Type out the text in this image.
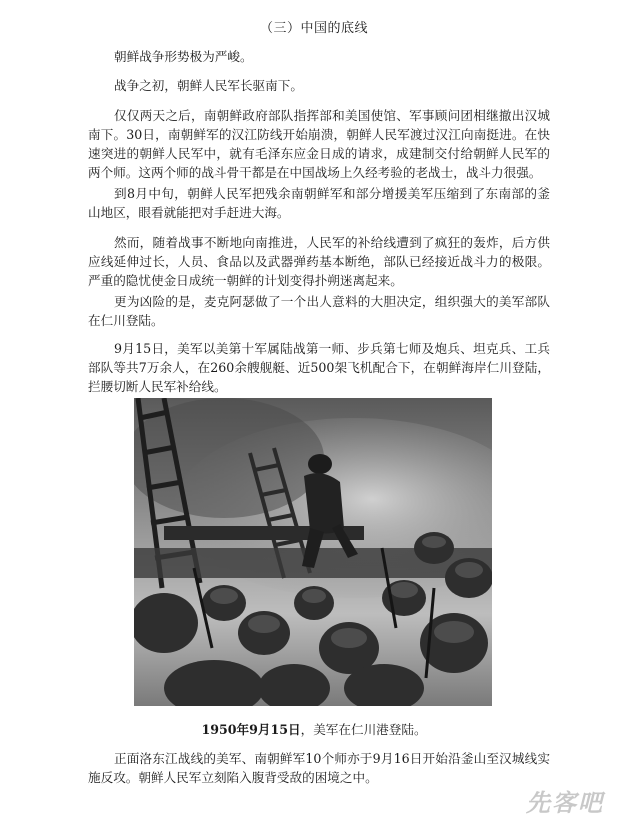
（三）中国的底线

朝鲜战争形势极为严峻。

战争之初，朝鲜人民军长驱南下。

仅仅两天之后，南朝鲜政府部队指挥部和美国使馆、军事顾问团相继撤出汉城南下。30日，南朝鲜军的汉江防线开始崩溃，朝鲜人民军渡过汉江向南挺进。在快速突进的朝鲜人民军中，就有毛泽东应金日成的请求，成建制交付给朝鲜人民军的两个师。这两个师的战斗骨干都是在中国战场上久经考验的老战士，战斗力很强。

到8月中旬，朝鲜人民军把残余南朝鲜军和部分增援美军压缩到了东南部的釜山地区，眼看就能把对手赶进大海。

然而，随着战事不断地向南推进，人民军的补给线遭到了疯狂的轰炸，后方供应线延伸过长，人员、食品以及武器弹药基本断绝，部队已经接近战斗力的极限。严重的隐忧使金日成统一朝鲜的计划变得扑朔迷离起来。

更为凶险的是，麦克阿瑟做了一个出人意料的大胆决定，组织强大的美军部队在仁川登陆。

9月15日，美军以美第十军属陆战第一师、步兵第七师及炮兵、坦克兵、工兵部队等共7万余人，在260余艘舰艇、近500架飞机配合下，在朝鲜海岸仁川登陆，拦腰切断人民军补给线。

1950年9月15日，美军在仁川港登陆。

正面洛东江战线的美军、南朝鲜军10个师亦于9月16日开始沿釜山至汉城线实施反攻。朝鲜人民军立刻陷入腹背受敌的困境之中。

先客吧
